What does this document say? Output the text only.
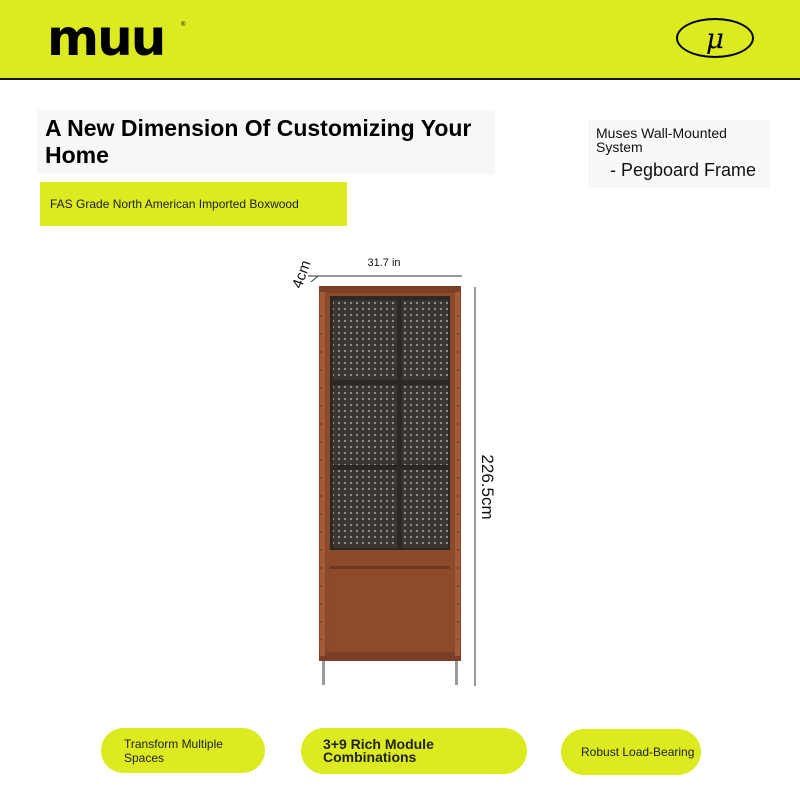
muu	®	μ
A New Dimension Of Customizing Your Home
FAS Grade North American Imported Boxwood
Muses Wall-Mounted System
- Pegboard Frame
31.7 in
4cm
226.5cm
Transform Multiple Spaces
3+9 Rich Module Combinations	Robust Load-Bearing
